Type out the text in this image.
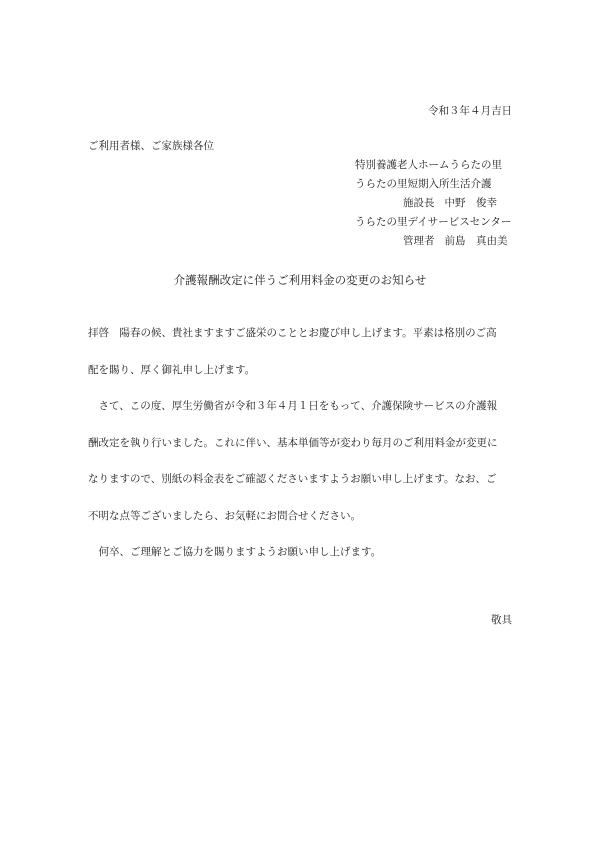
令和３年４月吉日
ご利用者様、ご家族様各位
特別養護老人ホームうらたの里
うらたの里短期入所生活介護
施設長 中野　俊幸
うらたの里デイサービスセンター
管理者 前島　真由美
介護報酬改定に伴うご利用料金の変更のお知らせ
拝啓　陽春の候、貴社ますますご盛栄のこととお慶び申し上げます。平素は格別のご高
配を賜り、厚く御礼申し上げます。
　さて、この度、厚生労働省が令和３年４月１日をもって、介護保険サービスの介護報
酬改定を執り行いました。これに伴い、基本単価等が変わり毎月のご利用料金が変更に
なりますので、別紙の料金表をご確認くださいますようお願い申し上げます。なお、ご
不明な点等ございましたら、お気軽にお問合せください。
　何卒、ご理解とご協力を賜りますようお願い申し上げます。
敬具
